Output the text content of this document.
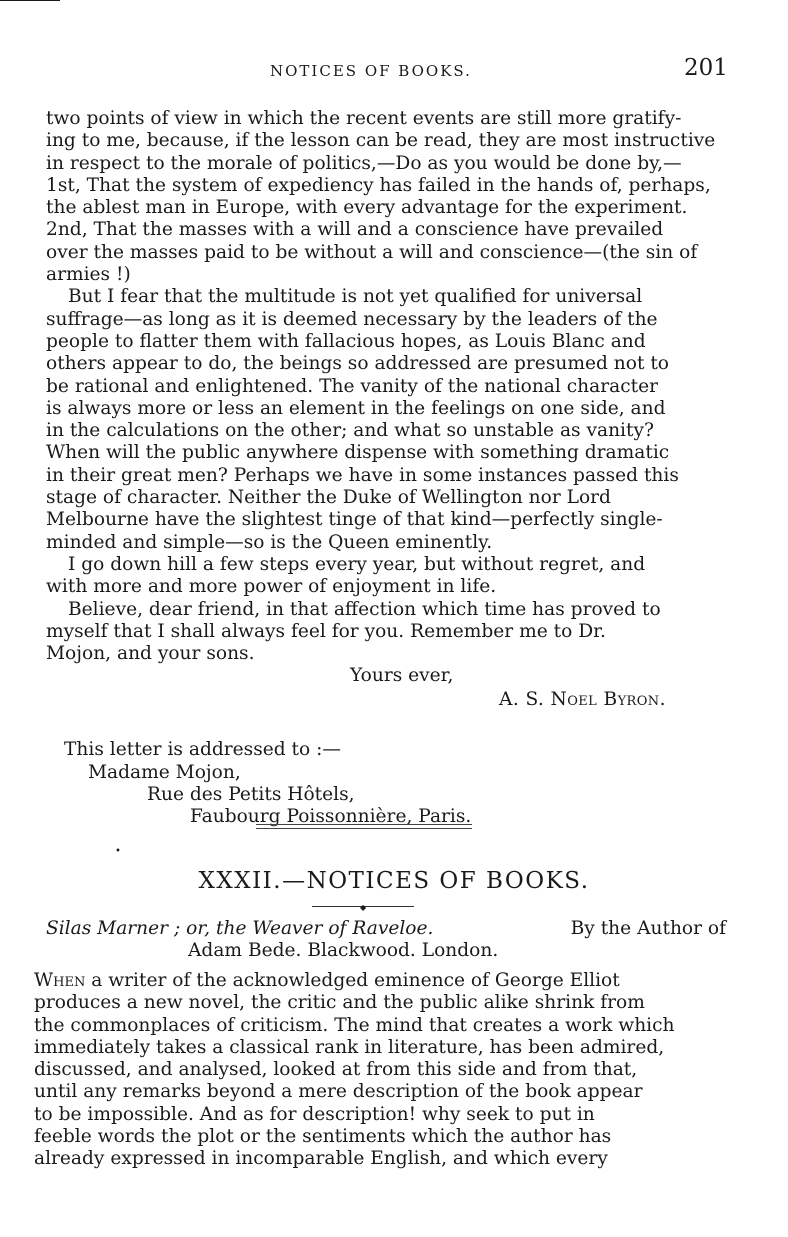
NOTICES OF BOOKS.	201

two points of view in which the recent events are still more gratify-

ing to me, because, if the lesson can be read, they are most instructive

in respect to the morale of politics,—Do as you would be done by,—

1st, That the system of expediency has failed in the hands of, perhaps,

the ablest man in Europe, with every advantage for the experiment.

2nd, That the masses with a will and a conscience have prevailed

over the masses paid to be without a will and conscience—(the sin of

armies !)

But I fear that the multitude is not yet qualified for universal

suffrage—as long as it is deemed necessary by the leaders of the

people to flatter them with fallacious hopes, as Louis Blanc and

others appear to do, the beings so addressed are presumed not to

be rational and enlightened. The vanity of the national character

is always more or less an element in the feelings on one side, and

in the calculations on the other; and what so unstable as vanity?

When will the public anywhere dispense with something dramatic

in their great men? Perhaps we have in some instances passed this

stage of character. Neither the Duke of Wellington nor Lord

Melbourne have the slightest tinge of that kind—perfectly single-

minded and simple—so is the Queen eminently.

I go down hill a few steps every year, but without regret, and

with more and more power of enjoyment in life.

Believe, dear friend, in that affection which time has proved to

myself that I shall always feel for you. Remember me to Dr.

Mojon, and your sons.

Yours ever,
A. S. Noel Byron.
This letter is addressed to :—
Madame Mojon,
Rue des Petits Hôtels,
Faubourg Poissonnière, Paris.
•
XXXII.—NOTICES OF BOOKS.
◆

Silas Marner ; or, the Weaver of Raveloe.	By the Author of

Adam Bede. Blackwood. London.

When a writer of the acknowledged eminence of George Elliot

produces a new novel, the critic and the public alike shrink from

the commonplaces of criticism. The mind that creates a work which

immediately takes a classical rank in literature, has been admired,

discussed, and analysed, looked at from this side and from that,

until any remarks beyond a mere description of the book appear

to be impossible. And as for description! why seek to put in

feeble words the plot or the sentiments which the author has

already expressed in incomparable English, and which every
